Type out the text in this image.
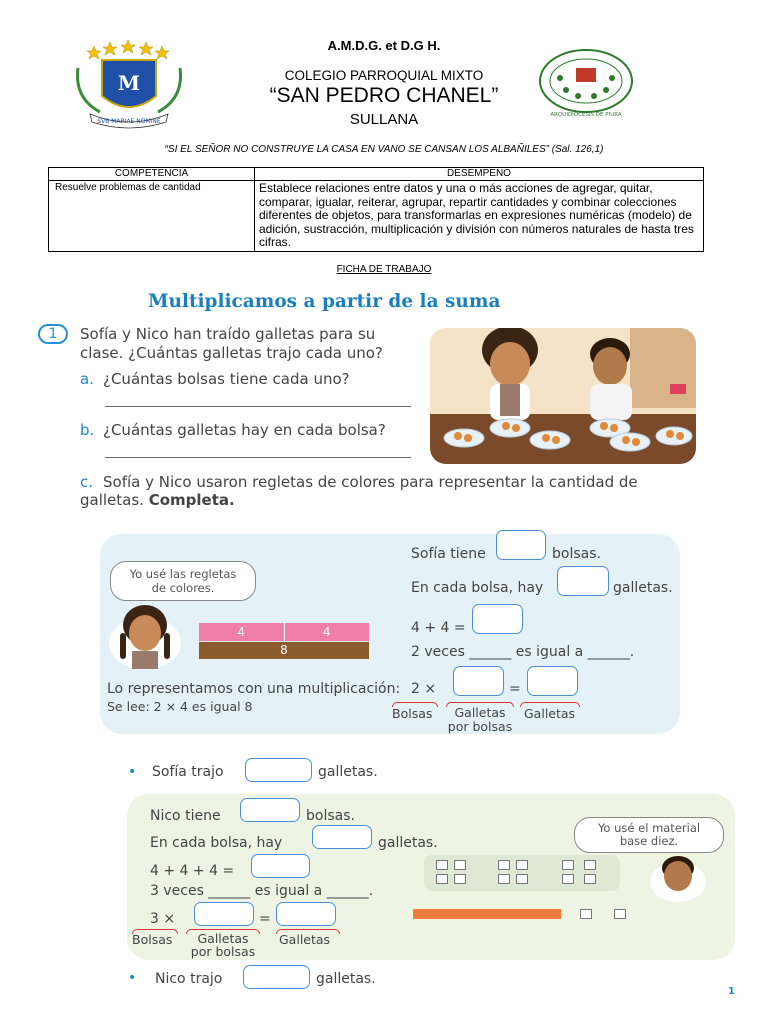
M
SVB MARIAE NOMINE
A.M.D.G. et D.G H.
COLEGIO PARROQUIAL MIXTO
“SAN PEDRO CHANEL”
SULLANA	ARQUIDIÓCESIS DE PIURA
“SI EL SEÑOR NO CONSTRUYE LA CASA EN VANO SE CANSAN LOS ALBAÑILES” (Sal. 126,1)
COMPETENCIA	DESEMPEÑO
Resuelve problemas de cantidad	Establece relaciones entre datos y una o más acciones de agregar, quitar, comparar, igualar, reiterar, agrupar, repartir cantidades y combinar colecciones diferentes de objetos, para transformarlas en expresiones numéricas (modelo) de adición, sustracción, multiplicación y división con números naturales de hasta tres cifras.
FICHA DE TRABAJO
Multiplicamos a partir de la suma
1	Sofía y Nico han traído galletas para su
clase. ¿Cuántas galletas trajo cada uno?
a. ¿Cuántas bolsas tiene cada uno?
b. ¿Cuántas galletas hay en cada bolsa?
c. Sofía y Nico usaron regletas de colores para representar la cantidad de
galletas. Completa.
Yo usé las regletas
de colores.
4	4
8
Lo representamos con una multiplicación:
Se lee: 2 × 4 es igual 8
Sofía tiene	bolsas.
En cada bolsa, hay	galletas.
4 + 4 =
2 veces ______ es igual a ______.
2 ×	=
Bolsas	Galletas
por bolsas
Galletas
• Sofía trajo	galletas.
Nico tiene	bolsas.
En cada bolsa, hay	galletas.
4 + 4 + 4 =
3 veces ______ es igual a ______.
3 ×	=
Bolsas	Galletas
por bolsas
Galletas
Yo usé el material
base diez.
• Nico trajo	galletas.
1
